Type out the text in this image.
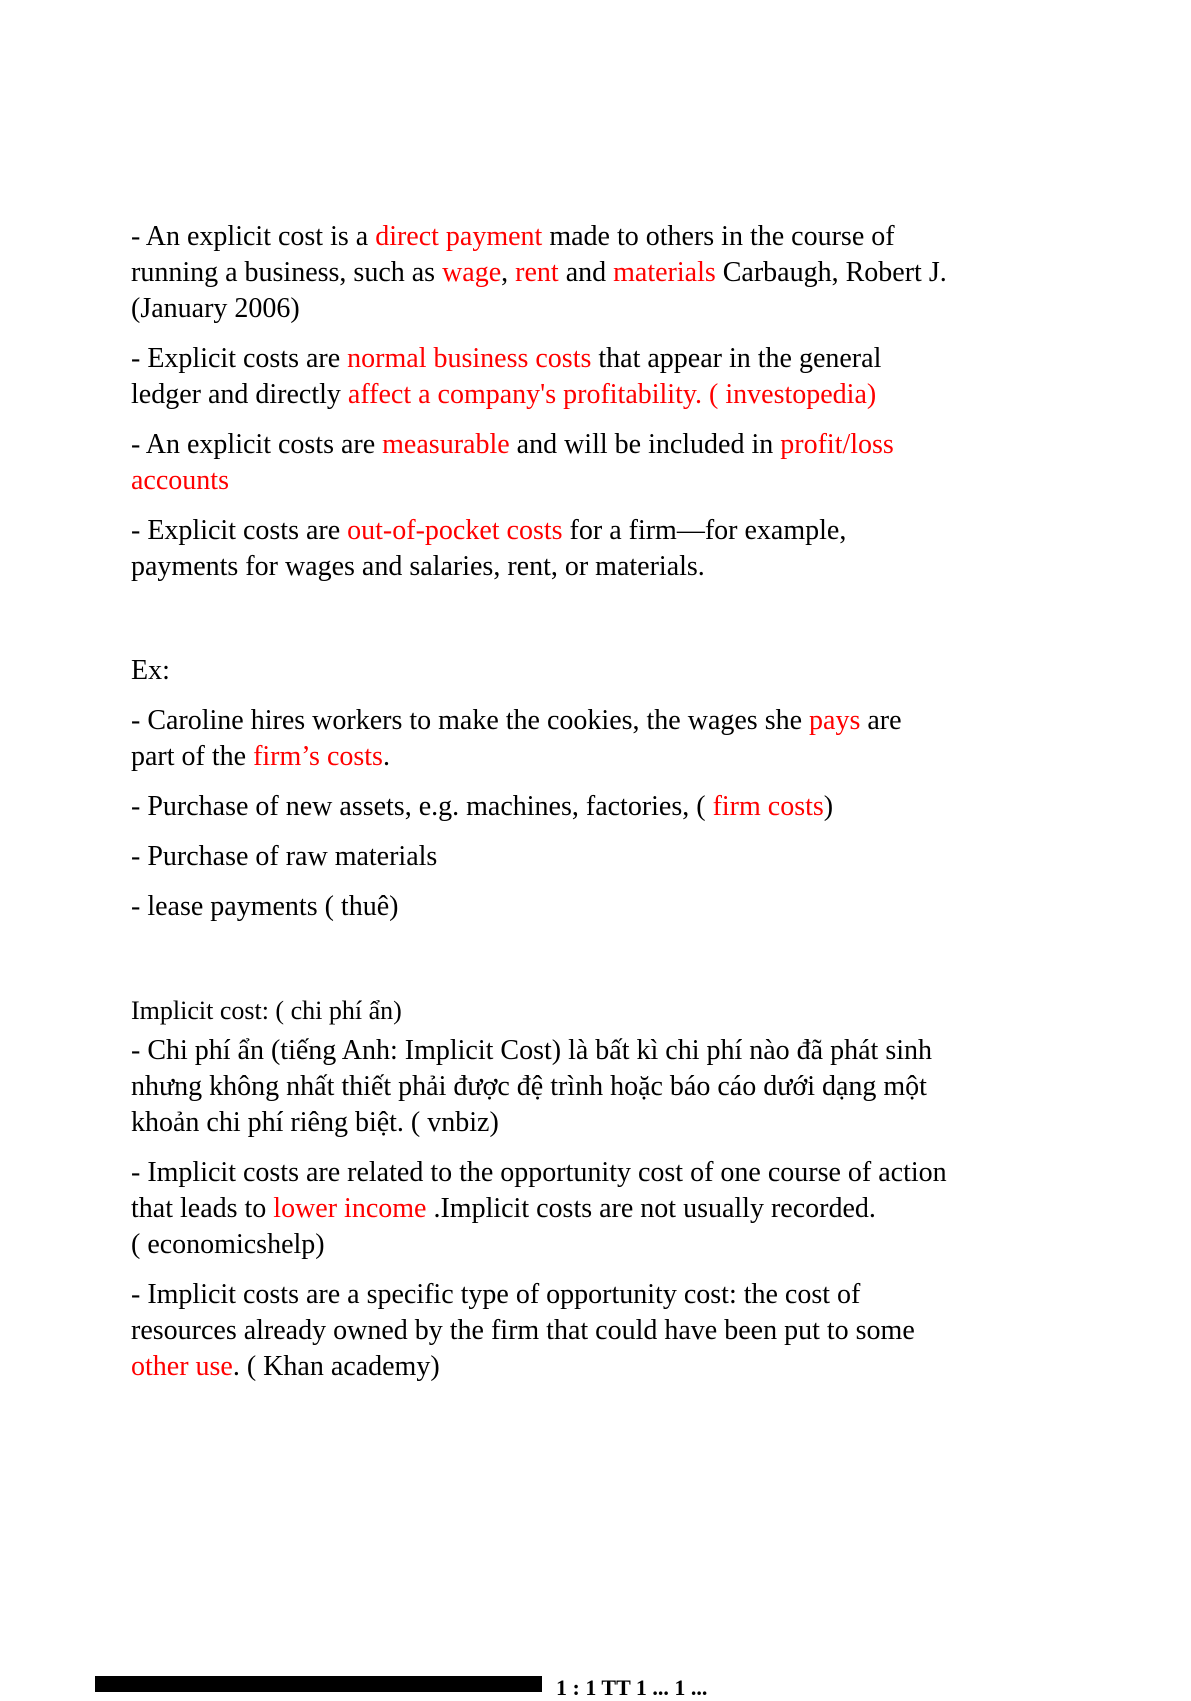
- An explicit cost is a direct payment made to others in the course of
running a business, such as wage, rent and materials Carbaugh, Robert J.
(January 2006)
- Explicit costs are normal business costs that appear in the general
ledger and directly affect a company's profitability. ( investopedia)
- An explicit costs are measurable and will be included in profit/loss
accounts
- Explicit costs are out-of-pocket costs for a firm—for example,
payments for wages and salaries, rent, or materials.
Ex:
- Caroline hires workers to make the cookies, the wages she pays are
part of the firm’s costs.
- Purchase of new assets, e.g. machines, factories, ( firm costs)
- Purchase of raw materials
- lease payments ( thuê)
Implicit cost: ( chi phí ẩn)
- Chi phí ẩn (tiếng Anh: Implicit Cost) là bất kì chi phí nào đã phát sinh
nhưng không nhất thiết phải được đệ trình hoặc báo cáo dưới dạng một
khoản chi phí riêng biệt. ( vnbiz)
- Implicit costs are related to the opportunity cost of one course of action
that leads to lower income .Implicit costs are not usually recorded.
( economicshelp)
- Implicit costs are a specific type of opportunity cost: the cost of
resources already owned by the firm that could have been put to some
other use. ( Khan academy)
1 : 1 TT 1 ... 1 ...
